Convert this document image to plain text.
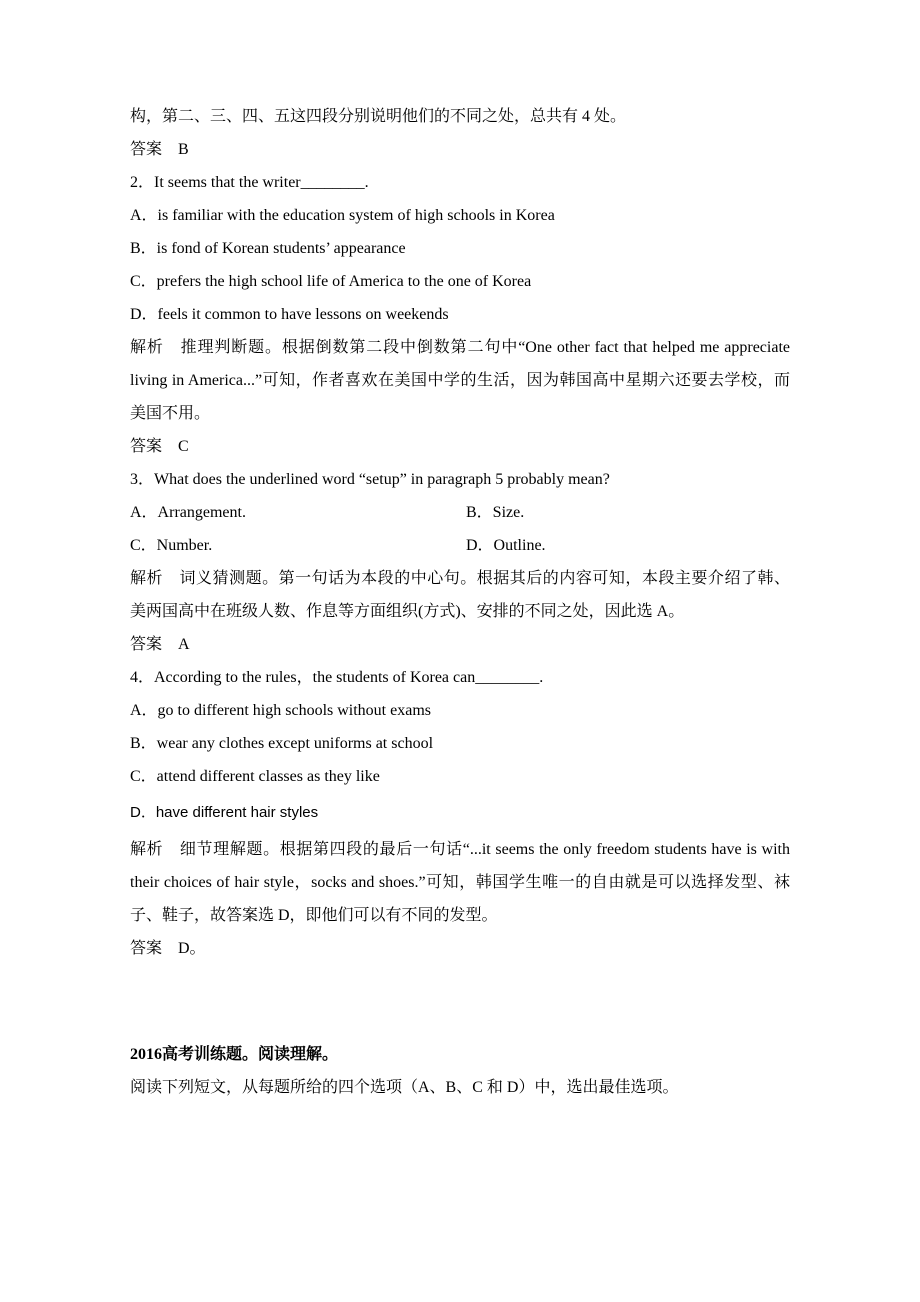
构，第二、三、四、五这四段分别说明他们的不同之处，总共有 4 处。
答案　B
2．It seems that the writer________.
A．is familiar with the education system of high schools in Korea
B．is fond of Korean students’ appearance
C．prefers the high school life of America to the one of Korea
D．feels it common to have lessons on weekends
解析　推理判断题。根据倒数第二段中倒数第二句中“One other fact that helped me appreciate
living in America...”可知，作者喜欢在美国中学的生活，因为韩国高中星期六还要去学校，而
美国不用。
答案　C
3．What does the underlined word “setup” in paragraph 5 probably mean?
A．Arrangement.	B．Size.
C．Number.	D．Outline.
解析　词义猜测题。第一句话为本段的中心句。根据其后的内容可知，本段主要介绍了韩、
美两国高中在班级人数、作息等方面组织(方式)、安排的不同之处，因此选 A。
答案　A
4．According to the rules，the students of Korea can________.
A．go to different high schools without exams
B．wear any clothes except uniforms at school
C．attend different classes as they like
D．have different hair styles
解析　细节理解题。根据第四段的最后一句话“...it seems the only freedom students have is with
their choices of hair style，socks and shoes.”可知，韩国学生唯一的自由就是可以选择发型、袜
子、鞋子，故答案选 D，即他们可以有不同的发型。
答案　D。
2016高考训练题。阅读理解。
阅读下列短文，从每题所给的四个选项（A、B、C 和 D）中，选出最佳选项。
